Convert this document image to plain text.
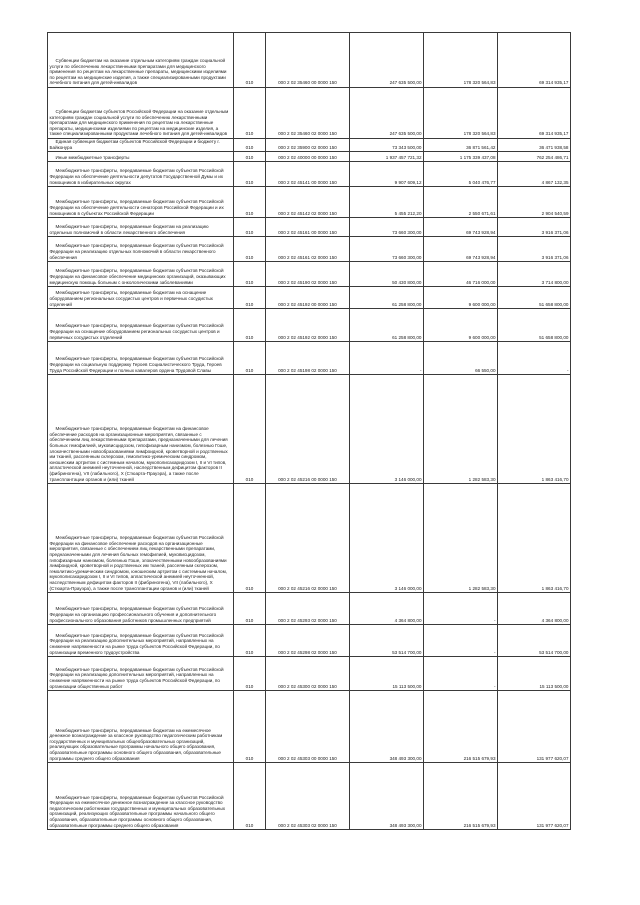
Субвенции бюджетам на оказание отдельным категориям граждан социальной услуги по обеспечению лекарственными препаратами для медицинского применения по рецептам на лекарственные препараты, медицинскими изделиями по рецептам на медицинские изделия, а также специализированными продуктами лечебного питания для детей-инвалидов	010	000 2 02 35460 00 0000 150	247 635 500,00	178 320 564,83	69 314 935,17
Субвенции бюджетам субъектов Российской Федерации на оказание отдельным категориям граждан социальной услуги по обеспечению лекарственными препаратами для медицинского применения по рецептам на лекарственные препараты, медицинскими изделиями по рецептам на медицинские изделия, а также специализированными продуктами лечебного питания для детей-инвалидов	010	000 2 02 35460 02 0000 150	247 635 500,00	178 320 564,83	69 314 935,17
Единая субвенция бюджетам субъектов Российской Федерации и бюджету г. Байконура	010	000 2 02 35900 02 0000 150	73 343 500,00	36 871 561,42	36 471 938,58
Иные межбюджетные трансферты	010	000 2 02 40000 00 0000 150	1 937 457 721,32	1 175 339 437,08	762 254 486,71
Межбюджетные трансферты, передаваемые бюджетам субъектов Российской Федерации на обеспечение деятельности депутатов Государственной Думы и их помощников в избирательных округах	010	000 2 02 45141 00 0000 150	9 907 609,12	5 040 476,77	4 867 132,35
Межбюджетные трансферты, передаваемые бюджетам субъектов Российской Федерации на обеспечение деятельности сенаторов Российской Федерации и их помощников в субъектах Российской Федерации	010	000 2 02 45142 02 0000 150	5 455 212,20	2 550 671,61	2 904 540,59
Межбюджетные трансферты, передаваемые бюджетам на реализацию отдельных полномочий в области лекарственного обеспечения	010	000 2 02 45161 00 0000 150	73 660 300,00	69 743 928,94	3 916 371,06
Межбюджетные трансферты, передаваемые бюджетам субъектов Российской Федерации на реализацию отдельных полномочий в области лекарственного обеспечения	010	000 2 02 45161 02 0000 150	73 660 300,00	69 743 928,94	3 916 371,06
Межбюджетные трансферты, передаваемые бюджетам субъектов Российской Федерации на финансовое обеспечение медицинских организаций, оказывающих медицинскую помощь больным с онкологическими заболеваниями	010	000 2 02 45190 02 0000 150	50 430 800,00	46 716 000,00	3 714 800,00
Межбюджетные трансферты, передаваемые бюджетам на оснащение оборудованием региональных сосудистых центров и первичных сосудистых отделений	010	000 2 02 45192 00 0000 150	61 258 800,00	9 600 000,00	51 658 800,00
Межбюджетные трансферты, передаваемые бюджетам субъектов Российской Федерации на оснащение оборудованием региональных сосудистых центров и первичных сосудистых отделений	010	000 2 02 45192 02 0000 150	61 258 800,00	9 600 000,00	51 658 800,00
Межбюджетные трансферты, передаваемые бюджетам субъектов Российской Федерации на социальную поддержку Героев Социалистического Труда, Героев Труда Российской Федерации и полных кавалеров ордена Трудовой Славы	010	000 2 02 45198 02 0000 150	-	66 550,00	-
Межбюджетные трансферты, передаваемые бюджетам на финансовое обеспечение расходов на организационные мероприятия, связанные с обеспечением лиц лекарственными препаратами, предназначенными для лечения больных гемофилией, муковисцидозом, гипофизарным нанизмом, болезнью Гоше, злокачественными новообразованиями лимфоидной, кроветворной и родственных им тканей, рассеянным склерозом, гемолитико-уремическим синдромом, юношеским артритом с системным началом, мукополисахаридозом I, II и VI типов, апластической анемией неуточненной, наследственным дефицитом факторов II (фибриногена), VII (лабильного), X (Стюарта-Прауэра), а также после трансплантации органов и (или) тканей	010	000 2 02 45216 00 0000 150	3 146 000,00	1 282 583,30	1 863 416,70
Межбюджетные трансферты, передаваемые бюджетам субъектов Российской Федерации на финансовое обеспечение расходов на организационные мероприятия, связанные с обеспечением лиц лекарственными препаратами, предназначенными для лечения больных гемофилией, муковисцидозом, гипофизарным нанизмом, болезнью Гоше, злокачественными новообразованиями лимфоидной, кроветворной и родственных им тканей, рассеянным склерозом, гемолитико-уремическим синдромом, юношеским артритом с системным началом, мукополисахаридозом I, II и VI типов, апластической анемией неуточненной, наследственным дефицитом факторов II (фибриногена), VII (лабильного), X (Стюарта-Прауэра), а также после трансплантации органов и (или) тканей	010	000 2 02 45216 02 0000 150	3 146 000,00	1 282 583,30	1 863 416,70
Межбюджетные трансферты, передаваемые бюджетам субъектов Российской Федерации на организацию профессионального обучения и дополнительного профессионального образования работников промышленных предприятий	010	000 2 02 45293 02 0000 150	4 364 800,00	-	4 364 800,00
Межбюджетные трансферты, передаваемые бюджетам субъектов Российской Федерации на реализацию дополнительных мероприятий, направленных на снижение напряженности на рынке труда субъектов Российской Федерации, по организации временного трудоустройства	010	000 2 02 45298 02 0000 150	53 514 700,00	-	53 514 700,00
Межбюджетные трансферты, передаваемые бюджетам субъектов Российской Федерации на реализацию дополнительных мероприятий, направленных на снижение напряженности на рынке труда субъектов Российской Федерации, по организации общественных работ	010	000 2 02 45300 02 0000 150	15 113 500,00	-	15 113 500,00
Межбюджетные трансферты, передаваемые бюджетам на ежемесячное денежное вознаграждение за классное руководство педагогическим работникам государственных и муниципальных общеобразовательных организаций, реализующих образовательные программы начального общего образования, образовательные программы основного общего образования, образовательные программы среднего общего образования	010	000 2 02 45303 00 0000 150	348 493 300,00	216 515 679,93	131 977 620,07
Межбюджетные трансферты, передаваемые бюджетам субъектов Российской Федерации на ежемесячное денежное вознаграждение за классное руководство педагогическим работникам государственных и муниципальных образовательных организаций, реализующих образовательные программы начального общего образования, образовательные программы основного общего образования, образовательные программы среднего общего образования	010	000 2 02 45303 02 0000 150	348 493 300,00	216 515 679,93	131 977 620,07
